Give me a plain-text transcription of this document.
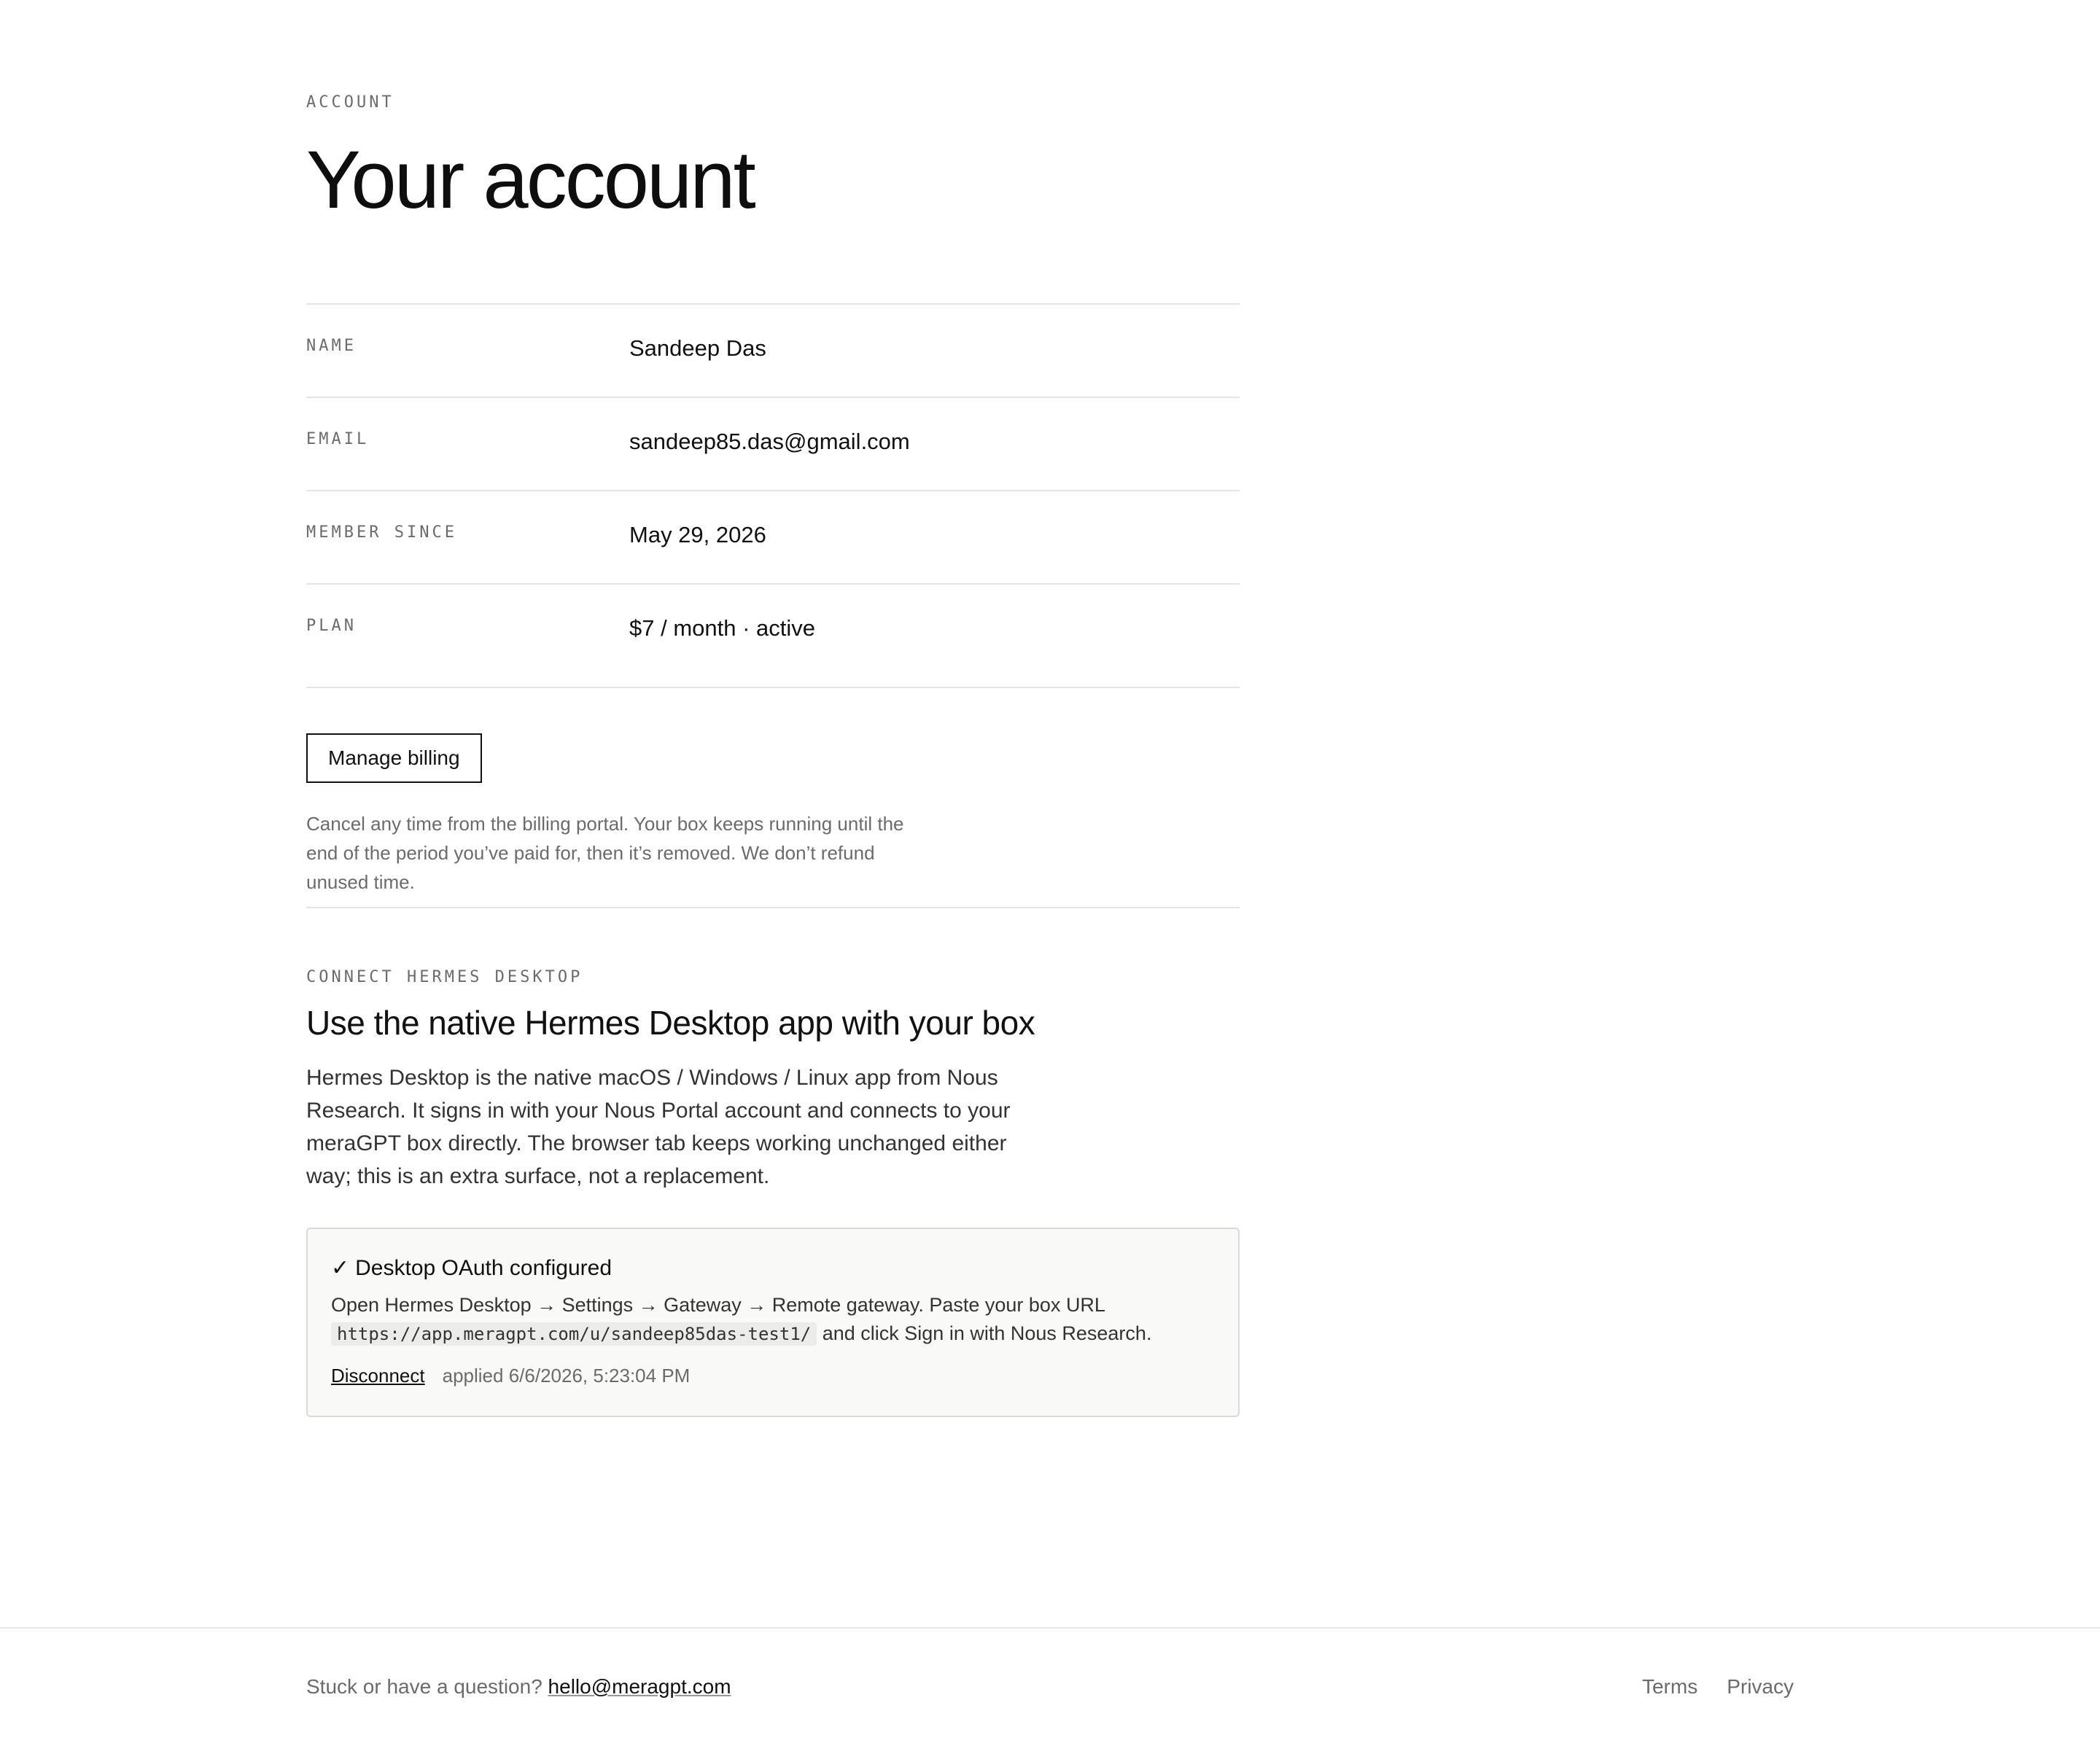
ACCOUNT
Your account
NAME	Sandeep Das
EMAIL	sandeep85.das@gmail.com
MEMBER SINCE	May 29, 2026
PLAN	$7 / month · active
Manage billing

Cancel any time from the billing portal. Your box keeps running until the end of the period you’ve paid for, then it’s removed. We don’t refund unused time.

CONNECT HERMES DESKTOP
Use the native Hermes Desktop app with your box

Hermes Desktop is the native macOS / Windows / Linux app from Nous Research. It signs in with your Nous Portal account and connects to your meraGPT box directly. The browser tab keeps working unchanged either way; this is an extra surface, not a replacement.

✓ Desktop OAuth configured
Open Hermes Desktop → Settings → Gateway → Remote gateway. Paste your box URL
https://app.meragpt.com/u/sandeep85das-test1/ and click Sign in with Nous Research.
Disconnect applied 6/6/2026, 5:23:04 PM
Stuck or have a question? hello@meragpt.com	Terms Privacy
